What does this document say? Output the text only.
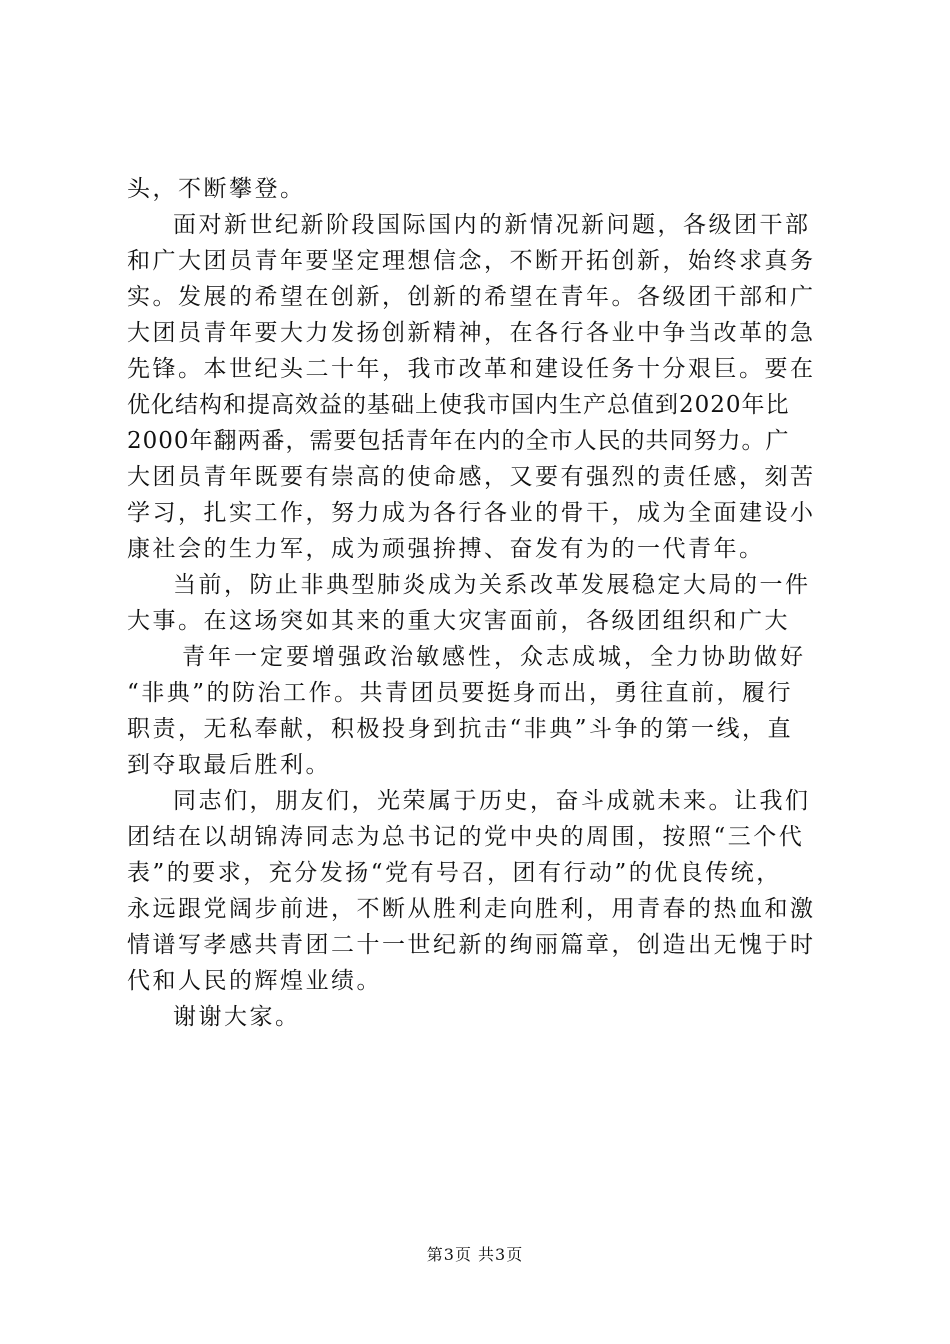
头，不断攀登。
面对新世纪新阶段国际国内的新情况新问题，各级团干部
和广大团员青年要坚定理想信念，不断开拓创新，始终求真务
实。发展的希望在创新，创新的希望在青年。各级团干部和广
大团员青年要大力发扬创新精神，在各行各业中争当改革的急
先锋。本世纪头二十年，我市改革和建设任务十分艰巨。要在
优化结构和提高效益的基础上使我市国内生产总值到2020年比
2000年翻两番，需要包括青年在内的全市人民的共同努力。广
大团员青年既要有崇高的使命感，又要有强烈的责任感，刻苦
学习，扎实工作，努力成为各行各业的骨干，成为全面建设小
康社会的生力军，成为顽强拚搏、奋发有为的一代青年。
当前，防止非典型肺炎成为关系改革发展稳定大局的一件
大事。在这场突如其来的重大灾害面前，各级团组织和广大
青年一定要增强政治敏感性，众志成城，全力协助做好
“非典”的防治工作。共青团员要挺身而出，勇往直前，履行
职责，无私奉献，积极投身到抗击“非典”斗争的第一线，直
到夺取最后胜利。
同志们，朋友们，光荣属于历史，奋斗成就未来。让我们
团结在以胡锦涛同志为总书记的党中央的周围，按照“三个代
表”的要求，充分发扬“党有号召，团有行动”的优良传统，
永远跟党阔步前进，不断从胜利走向胜利，用青春的热血和激
情谱写孝感共青团二十一世纪新的绚丽篇章，创造出无愧于时
代和人民的辉煌业绩。
谢谢大家。
第3页 共3页
